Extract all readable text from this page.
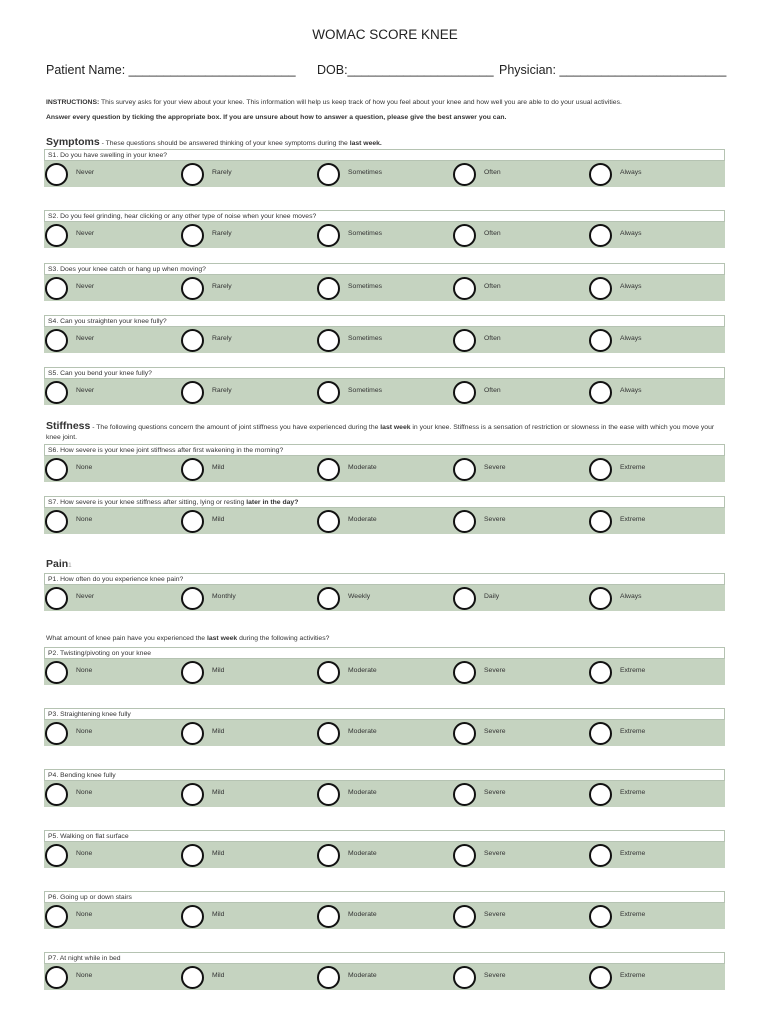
WOMAC SCORE KNEE
Patient Name: ________________________ DOB:_____________________ Physician: ________________________
INSTRUCTIONS: This survey asks for your view about your knee. This information will help us keep track of how you feel about your knee and how well you are able to do your usual activities.
Answer every question by ticking the appropriate box. If you are unsure about how to answer a question, please give the best answer you can.
Symptoms - These questions should be answered thinking of your knee symptoms during the last week.
Stiffness - The following questions concern the amount of joint stiffness you have experienced during the last week in your knee. Stiffness is a sensation of restriction or slowness in the ease with which you move your knee joint.
Pain1
What amount of knee pain have you experienced the last week during the following activities?
S1. Do you have swelling in your knee?
Never	Rarely	Sometimes	Often	Always
S2. Do you feel grinding, hear clicking or any other type of noise when your knee moves?
Never	Rarely	Sometimes	Often	Always
S3. Does your knee catch or hang up when moving?
Never	Rarely	Sometimes	Often	Always
S4. Can you straighten your knee fully?
Never	Rarely	Sometimes	Often	Always
S5. Can you bend your knee fully?
Never	Rarely	Sometimes	Often	Always
S6. How severe is your knee joint stiffness after first wakening in the morning?
None	Mild	Moderate	Severe	Extreme
S7. How severe is your knee stiffness after sitting, lying or resting later in the day?
None	Mild	Moderate	Severe	Extreme
P1. How often do you experience knee pain?
Never	Monthly	Weekly	Daily	Always
P2. Twisting/pivoting on your knee
None	Mild	Moderate	Severe	Extreme
P3. Straightening knee fully
None	Mild	Moderate	Severe	Extreme
P4. Bending knee fully
None	Mild	Moderate	Severe	Extreme
P5. Walking on flat surface
None	Mild	Moderate	Severe	Extreme
P6. Going up or down stairs
None	Mild	Moderate	Severe	Extreme
P7. At night while in bed
None	Mild	Moderate	Severe	Extreme
